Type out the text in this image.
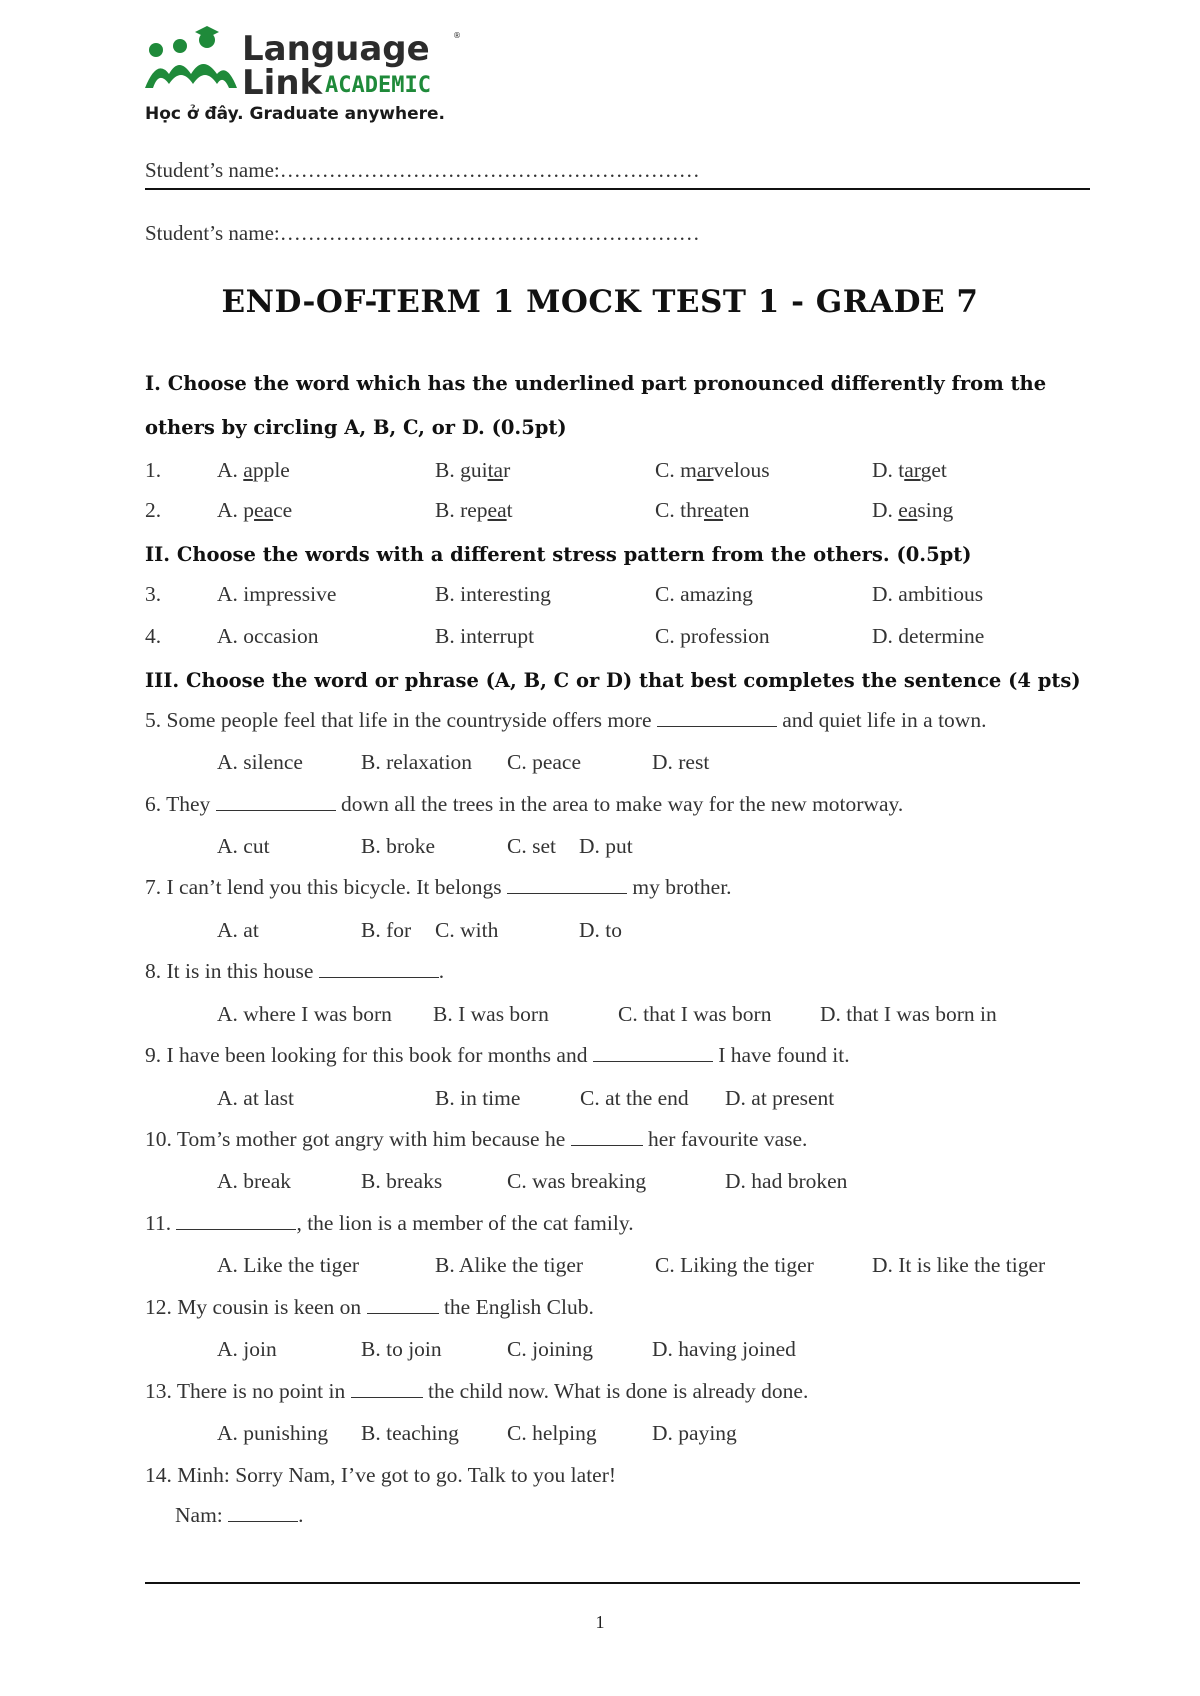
Language	®
Link ACADEMIC
Học ở đây. Graduate anywhere.
Student’s name:……………………………………………………
Student’s name:……………………………………………………
END-OF-TERM 1 MOCK TEST 1 - GRADE 7
I. Choose the word which has the underlined part pronounced differently from the others by circling A, B, C, or D. (0.5pt)
1.	A. apple	B. guitar	C. marvelous	D. target
2.	A. peace	B. repeat	C. threaten	D. easing
II. Choose the words with a different stress pattern from the others. (0.5pt)
3.	A. impressive	B. interesting	C. amazing	D. ambitious
4.	A. occasion	B. interrupt	C. profession	D. determine
III. Choose the word or phrase (A, B, C or D) that best completes the sentence (4 pts)
5. Some people feel that life in the countryside offers more	and quiet life in a town.
A. silence	B. relaxation C. peace	D. rest
6. They	down all the trees in the area to make way for the new motorway.
A. cut	B. broke	C. set D. put
7. I can’t lend you this bicycle. It belongs	my brother.
A. at	B. for C. with	D. to
8. It is in this house	.
A. where I was born B. I was born	C. that I was born D. that I was born in
9. I have been looking for this book for months and	I have found it.
A. at last	B. in time	C. at the end D. at present
10. Tom’s mother got angry with him because he	her favourite vase.
A. break	B. breaks	C. was breaking	D. had broken
11.	, the lion is a member of the cat family.
A. Like the tiger	B. Alike the tiger	C. Liking the tiger	D. It is like the tiger
12. My cousin is keen on	the English Club.
A. join	B. to join	C. joining	D. having joined
13. There is no point in	the child now. What is done is already done.
A. punishing B. teaching C. helping	D. paying
14. Minh: Sorry Nam, I’ve got to go. Talk to you later!
Nam:	.
1
